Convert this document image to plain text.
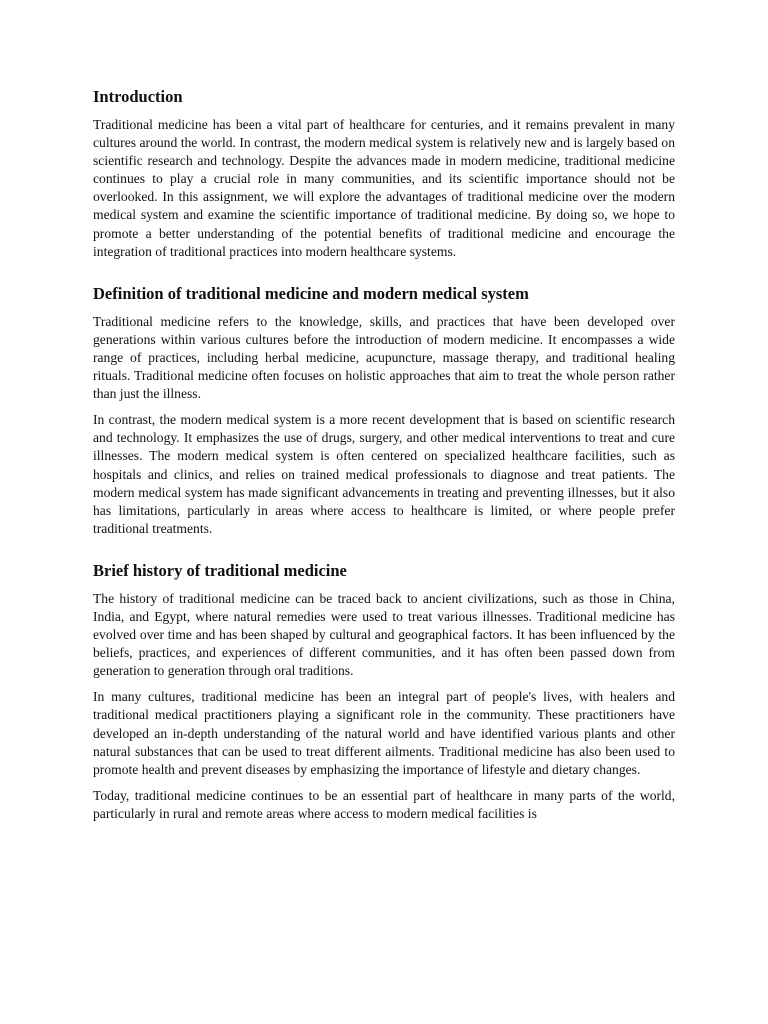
Introduction

Traditional medicine has been a vital part of healthcare for centuries, and it remains prevalent in many cultures around the world. In contrast, the modern medical system is relatively new and is largely based on scientific research and technology. Despite the advances made in modern medicine, traditional medicine continues to play a crucial role in many communities, and its scientific importance should not be overlooked. In this assignment, we will explore the advantages of traditional medicine over the modern medical system and examine the scientific importance of traditional medicine. By doing so, we hope to promote a better understanding of the potential benefits of traditional medicine and encourage the integration of traditional practices into modern healthcare systems.

Definition of traditional medicine and modern medical system

Traditional medicine refers to the knowledge, skills, and practices that have been developed over generations within various cultures before the introduction of modern medicine. It encompasses a wide range of practices, including herbal medicine, acupuncture, massage therapy, and traditional healing rituals. Traditional medicine often focuses on holistic approaches that aim to treat the whole person rather than just the illness.

In contrast, the modern medical system is a more recent development that is based on scientific research and technology. It emphasizes the use of drugs, surgery, and other medical interventions to treat and cure illnesses. The modern medical system is often centered on specialized healthcare facilities, such as hospitals and clinics, and relies on trained medical professionals to diagnose and treat patients. The modern medical system has made significant advancements in treating and preventing illnesses, but it also has limitations, particularly in areas where access to healthcare is limited, or where people prefer traditional treatments.

Brief history of traditional medicine

The history of traditional medicine can be traced back to ancient civilizations, such as those in China, India, and Egypt, where natural remedies were used to treat various illnesses. Traditional medicine has evolved over time and has been shaped by cultural and geographical factors. It has been influenced by the beliefs, practices, and experiences of different communities, and it has often been passed down from generation to generation through oral traditions.

In many cultures, traditional medicine has been an integral part of people's lives, with healers and traditional medical practitioners playing a significant role in the community. These practitioners have developed an in-depth understanding of the natural world and have identified various plants and other natural substances that can be used to treat different ailments. Traditional medicine has also been used to promote health and prevent diseases by emphasizing the importance of lifestyle and dietary changes.

Today, traditional medicine continues to be an essential part of healthcare in many parts of the world, particularly in rural and remote areas where access to modern medical facilities is
